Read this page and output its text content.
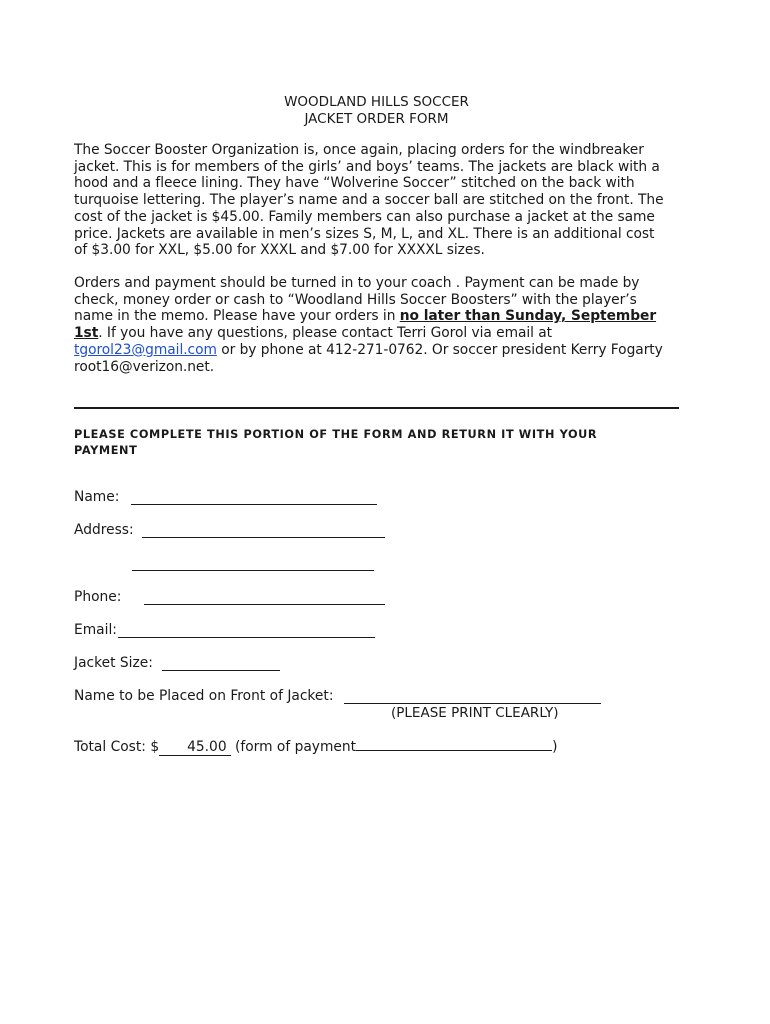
WOODLAND HILLS SOCCER
JACKET ORDER FORM
The Soccer Booster Organization is, once again, placing orders for the windbreaker
jacket. This is for members of the girls’ and boys’ teams. The jackets are black with a
hood and a fleece lining. They have “Wolverine Soccer” stitched on the back with
turquoise lettering. The player’s name and a soccer ball are stitched on the front. The
cost of the jacket is $45.00. Family members can also purchase a jacket at the same
price. Jackets are available in men’s sizes S, M, L, and XL. There is an additional cost
of $3.00 for XXL, $5.00 for XXXL and $7.00 for XXXXL sizes.
Orders and payment should be turned in to your coach . Payment can be made by
check, money order or cash to “Woodland Hills Soccer Boosters” with the player’s
name in the memo. Please have your orders in no later than Sunday, September
1st. If you have any questions, please contact Terri Gorol via email at
tgorol23@gmail.com or by phone at 412-271-0762. Or soccer president Kerry Fogarty
root16@verizon.net.
PLEASE COMPLETE THIS PORTION OF THE FORM AND RETURN IT WITH YOUR
PAYMENT
Name:
Address:
Phone:
Email:
Jacket Size:
Name to be Placed on Front of Jacket:
(PLEASE PRINT CLEARLY)
Total Cost: $ 45.00 (form of payment	)
